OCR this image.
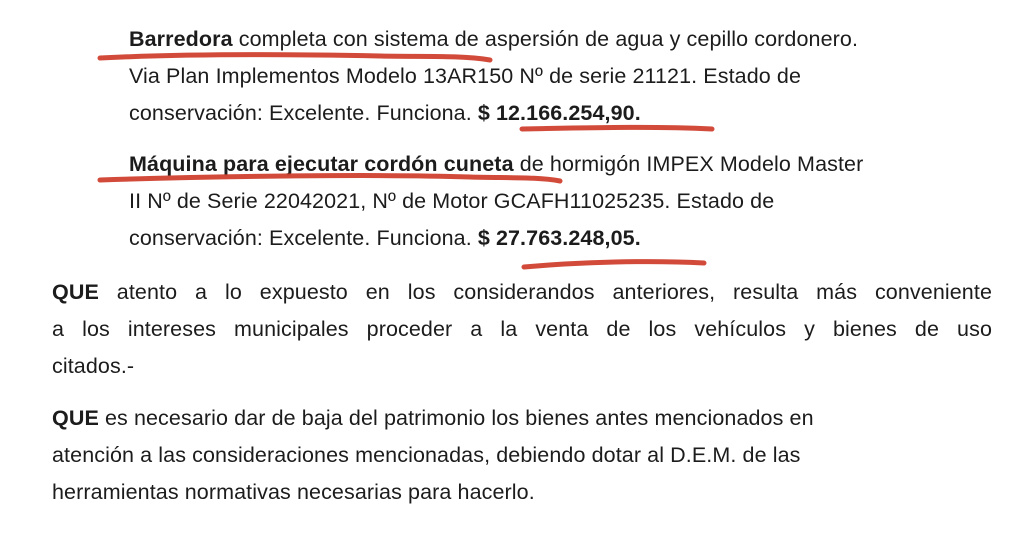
Barredora completa con sistema de aspersión de agua y cepillo cordonero.
Via Plan Implementos Modelo 13AR150 Nº de serie 21121. Estado de
conservación: Excelente. Funciona. $ 12.166.254,90.
Máquina para ejecutar cordón cuneta de hormigón IMPEX Modelo Master
II Nº de Serie 22042021, Nº de Motor GCAFH11025235. Estado de
conservación: Excelente. Funciona. $ 27.763.248,05.
QUE atento a lo expuesto en los considerandos anteriores, resulta más conveniente
a los intereses municipales proceder a la venta de los vehículos y bienes de uso
citados.-
QUE es necesario dar de baja del patrimonio los bienes antes mencionados en
atención a las consideraciones mencionadas, debiendo dotar al D.E.M. de las
herramientas normativas necesarias para hacerlo.
